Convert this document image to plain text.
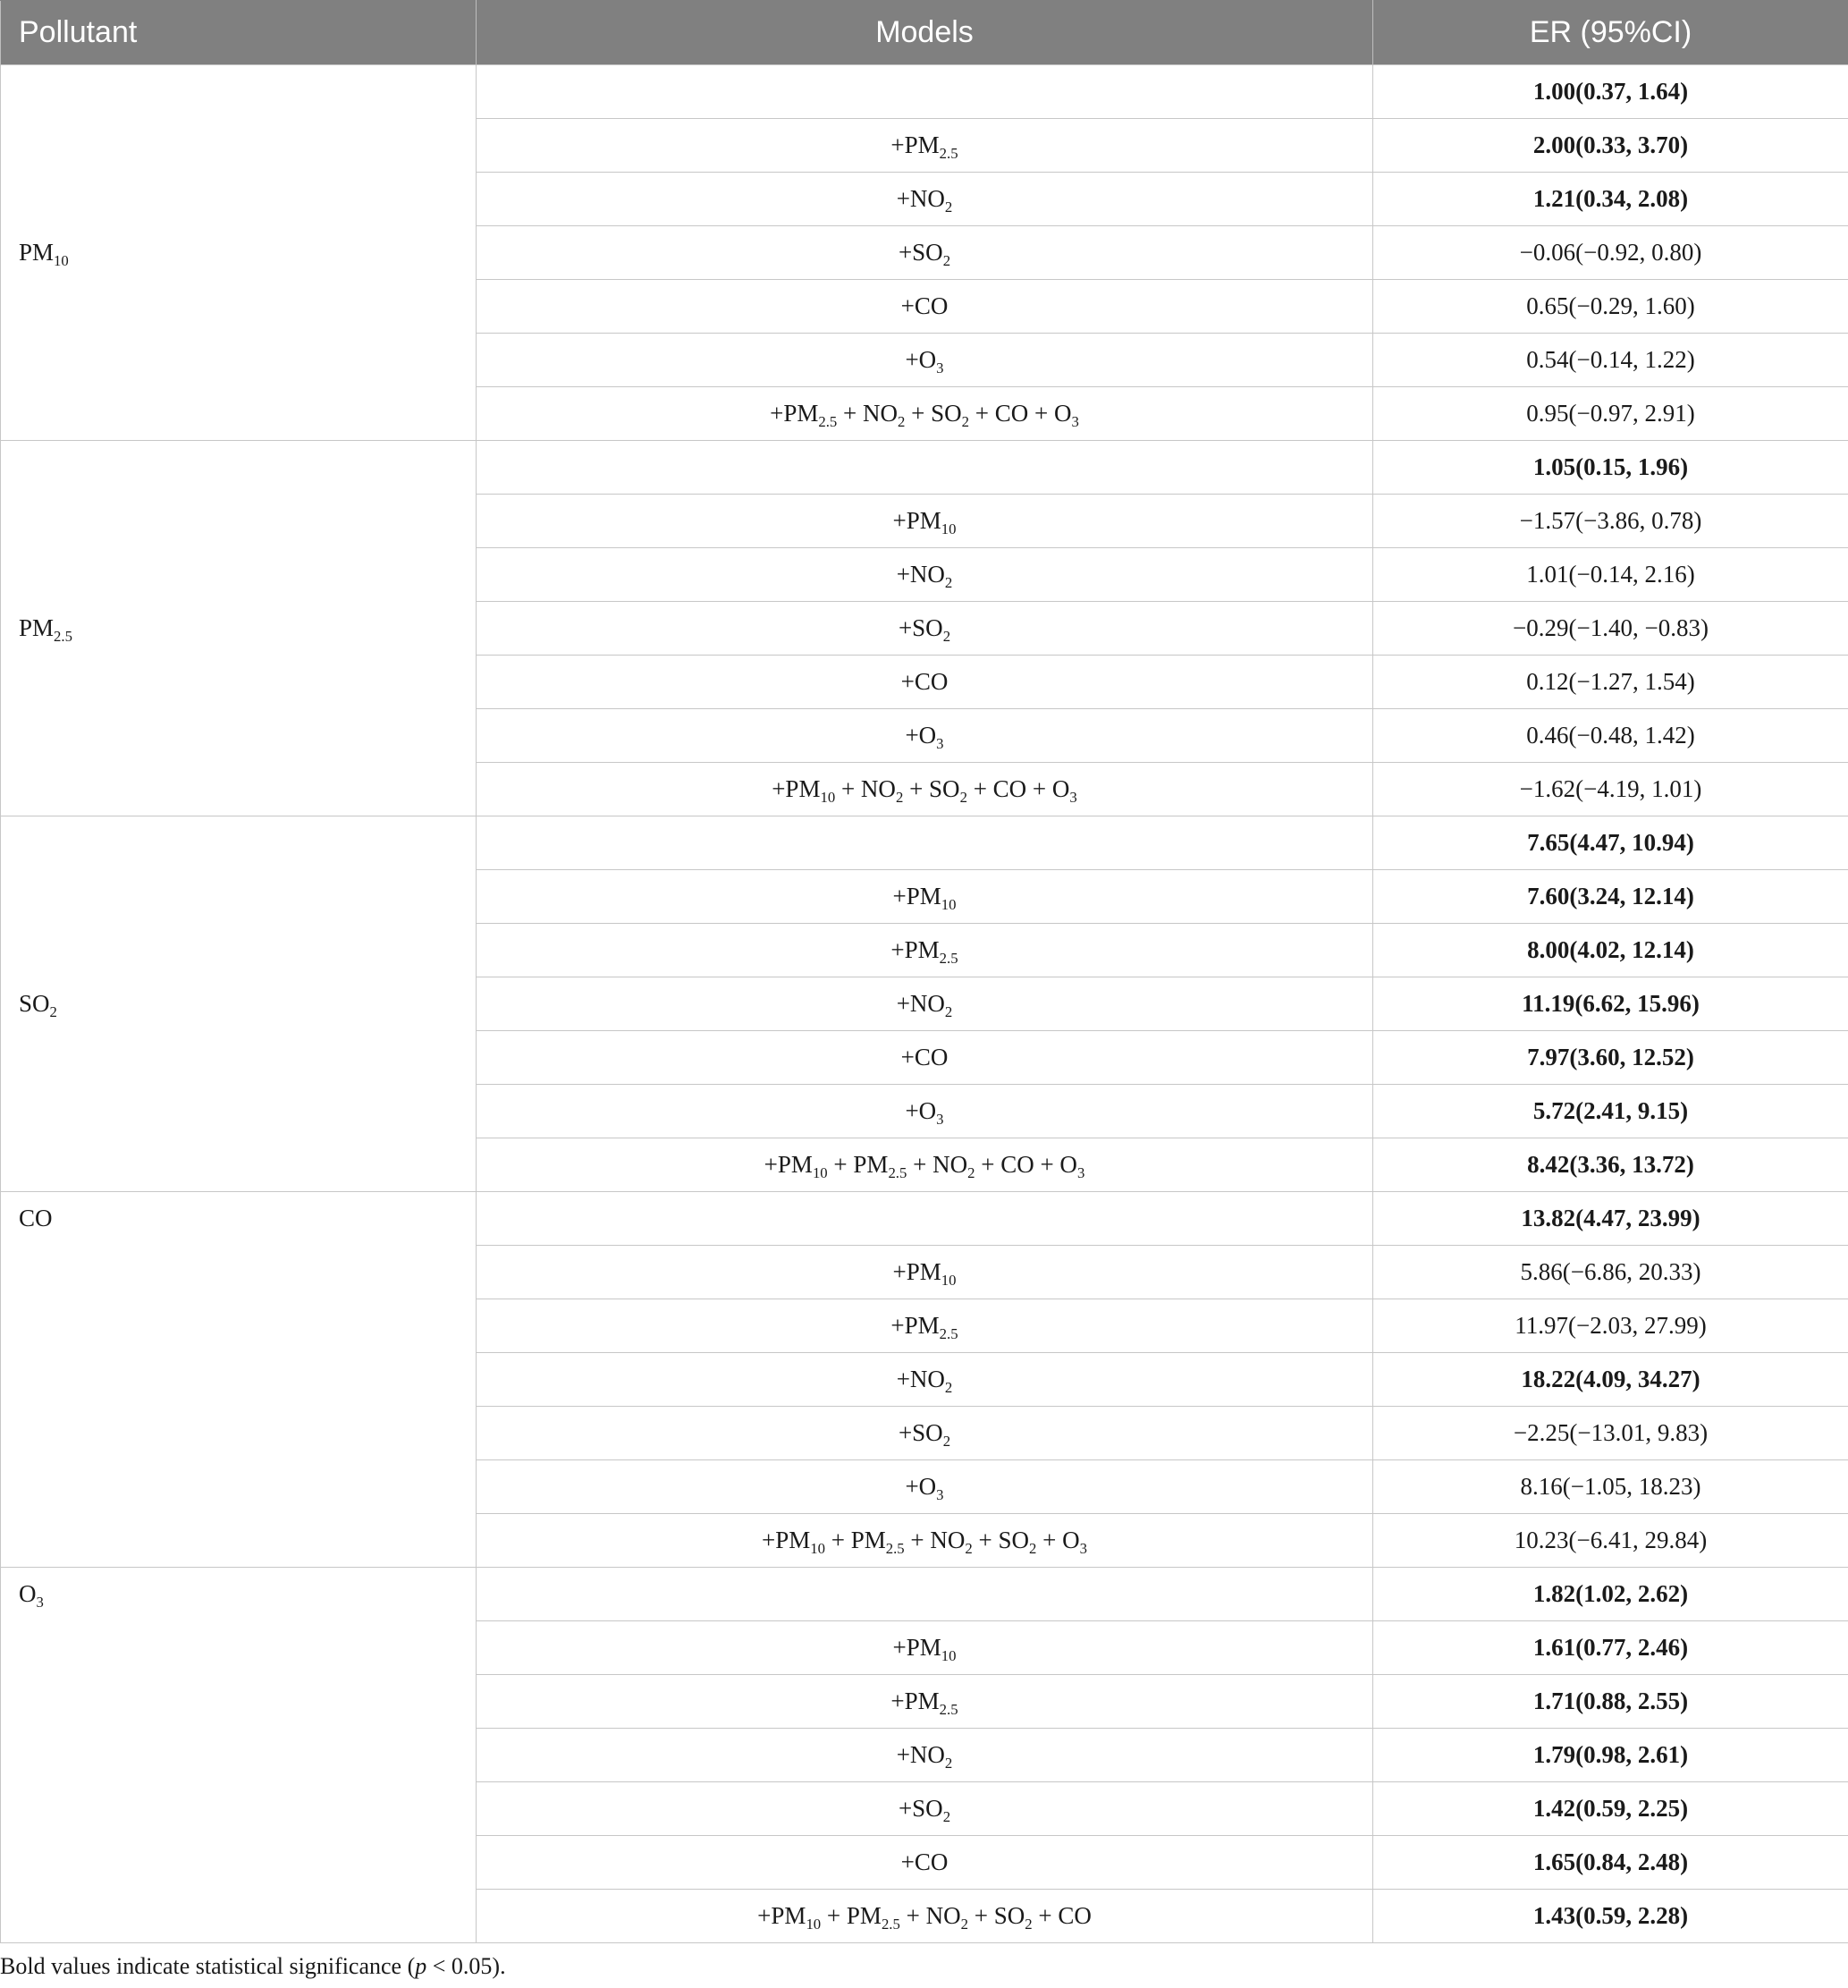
Pollutant	Models	ER (95%CI)
$PM_{10}$		1.00(0.37, 1.64)
	$+PM_{2.5}$	2.00(0.33, 3.70)
	$+NO_2$	1.21(0.34, 2.08)
	$+SO_2$	−0.06(−0.92, 0.80)
	+CO	0.65(−0.29, 1.60)
	$+O_3$	0.54(−0.14, 1.22)
	$+PM_{2.5} + NO_2 + SO_2$ + CO + $O_3$	0.95(−0.97, 2.91)
$PM_{2.5}$		1.05(0.15, 1.96)
	$+PM_{10}$	−1.57(−3.86, 0.78)
	$+NO_2$	1.01(−0.14, 2.16)
	$+SO_2$	−0.29(−1.40, −0.83)
	+CO	0.12(−1.27, 1.54)
	$+O_3$	0.46(−0.48, 1.42)
	$+PM_{10} + NO_2 + SO_2$ + CO + $O_3$	−1.62(−4.19, 1.01)
$SO_2$		7.65(4.47, 10.94)
	$+PM_{10}$	7.60(3.24, 12.14)
	$+PM_{2.5}$	8.00(4.02, 12.14)
	$+NO_2$	11.19(6.62, 15.96)
	+CO	7.97(3.60, 12.52)
	$+O_3$	5.72(2.41, 9.15)
	$+PM_{10} + PM_{2.5} + NO_2$ + CO + $O_3$	8.42(3.36, 13.72)
CO		13.82(4.47, 23.99)
	$+PM_{10}$	5.86(−6.86, 20.33)
	$+PM_{2.5}$	11.97(−2.03, 27.99)
	$+NO_2$	18.22(4.09, 34.27)
	$+SO_2$	−2.25(−13.01, 9.83)
	$+O_3$	8.16(−1.05, 18.23)
	$+PM_{10} + PM_{2.5} + NO_2 + SO_2 + O_3$	10.23(−6.41, 29.84)
$O_3$		1.82(1.02, 2.62)
	$+PM_{10}$	1.61(0.77, 2.46)
	$+PM_{2.5}$	1.71(0.88, 2.55)
	$+NO_2$	1.79(0.98, 2.61)
	$+SO_2$	1.42(0.59, 2.25)
	+CO	1.65(0.84, 2.48)
	$+PM_{10} + PM_{2.5} + NO_2 + SO_2$ + CO	1.43(0.59, 2.28)
Bold values indicate statistical significance (p < 0.05).
